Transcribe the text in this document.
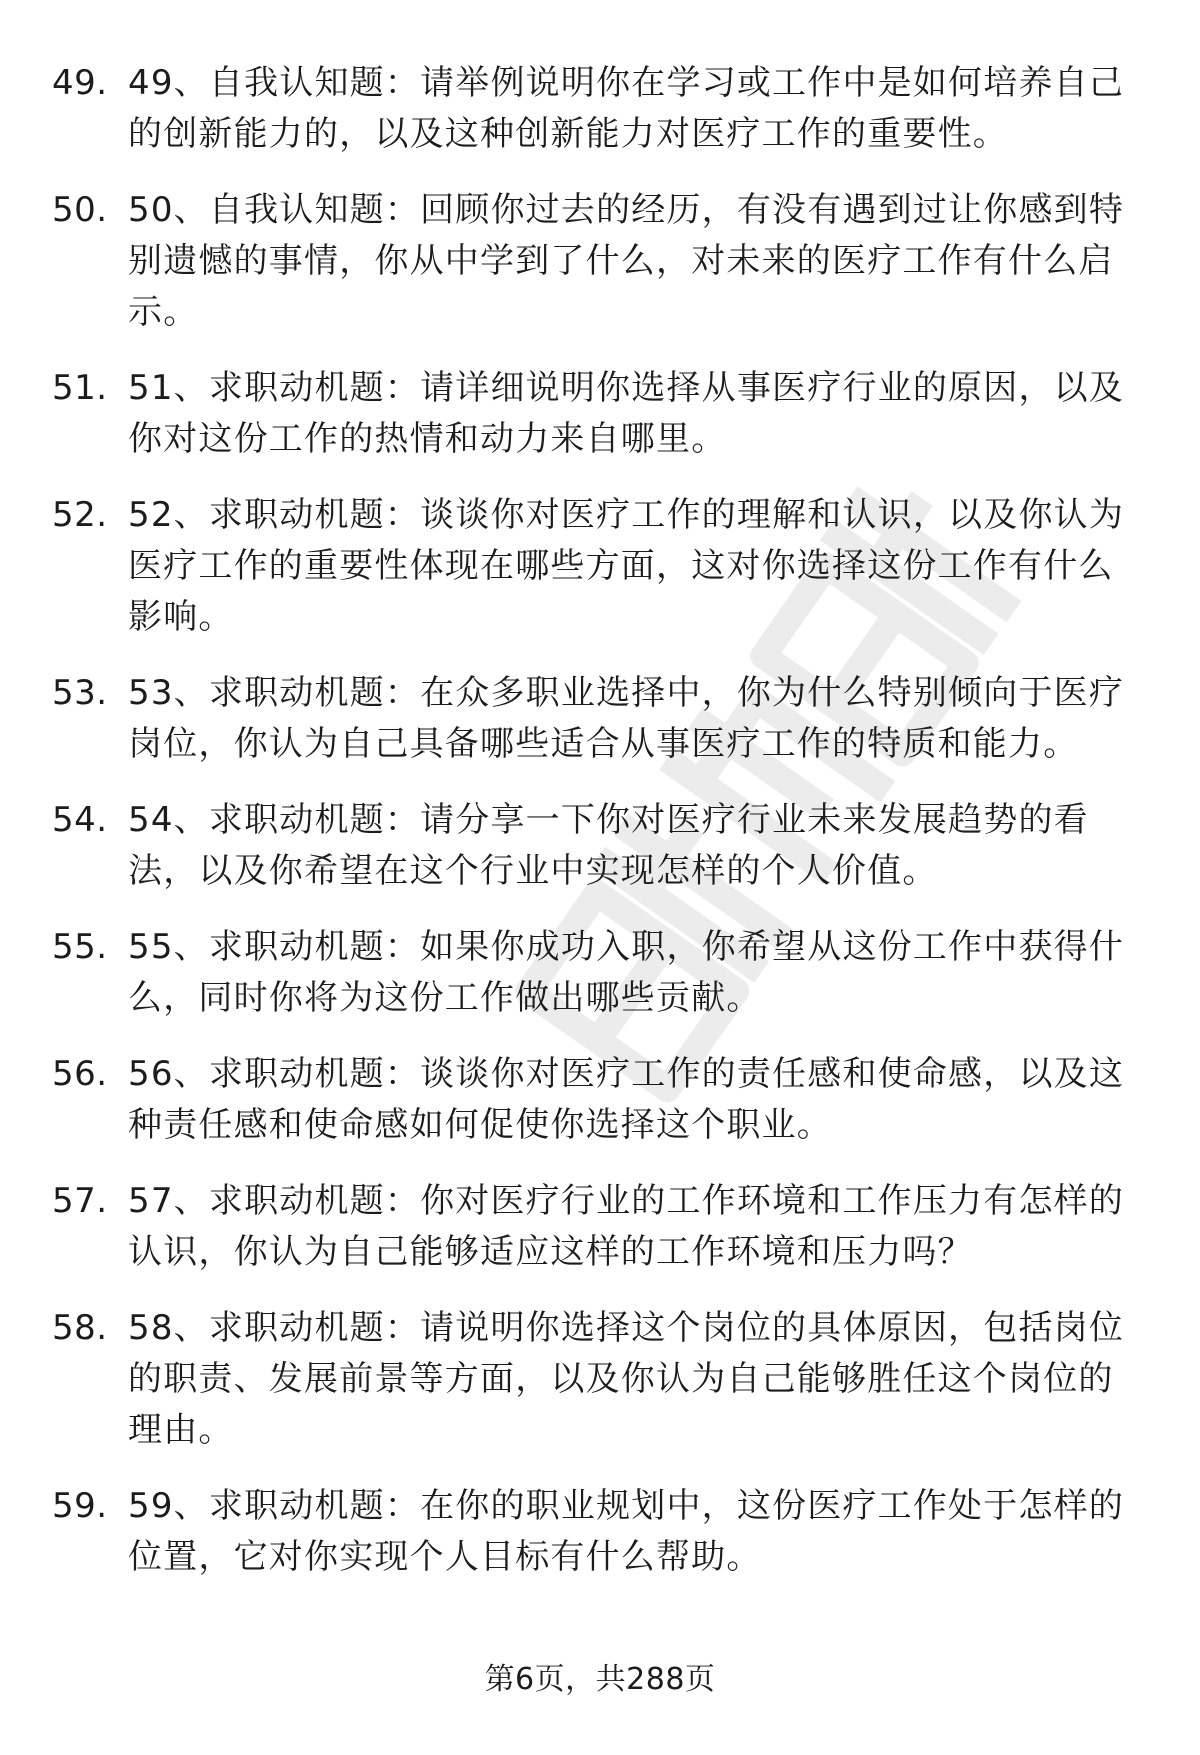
49. 49、自我认知题：请举例说明你在学习或工作中是如何培养自己的创新能力的，以及这种创新能力对医疗工作的重要性。
50. 50、自我认知题：回顾你过去的经历，有没有遇到过让你感到特别遗憾的事情，你从中学到了什么，对未来的医疗工作有什么启示。
51. 51、求职动机题：请详细说明你选择从事医疗行业的原因，以及你对这份工作的热情和动力来自哪里。
52. 52、求职动机题：谈谈你对医疗工作的理解和认识，以及你认为医疗工作的重要性体现在哪些方面，这对你选择这份工作有什么影响。
53. 53、求职动机题：在众多职业选择中，你为什么特别倾向于医疗岗位，你认为自己具备哪些适合从事医疗工作的特质和能力。
54. 54、求职动机题：请分享一下你对医疗行业未来发展趋势的看法，以及你希望在这个行业中实现怎样的个人价值。
55. 55、求职动机题：如果你成功入职，你希望从这份工作中获得什么，同时你将为这份工作做出哪些贡献。
56. 56、求职动机题：谈谈你对医疗工作的责任感和使命感，以及这种责任感和使命感如何促使你选择这个职业。
57. 57、求职动机题：你对医疗行业的工作环境和工作压力有怎样的认识，你认为自己能够适应这样的工作环境和压力吗？
58. 58、求职动机题：请说明你选择这个岗位的具体原因，包括岗位的职责、发展前景等方面，以及你认为自己能够胜任这个岗位的理由。
59. 59、求职动机题：在你的职业规划中，这份医疗工作处于怎样的位置，它对你实现个人目标有什么帮助。
第6页，共288页
